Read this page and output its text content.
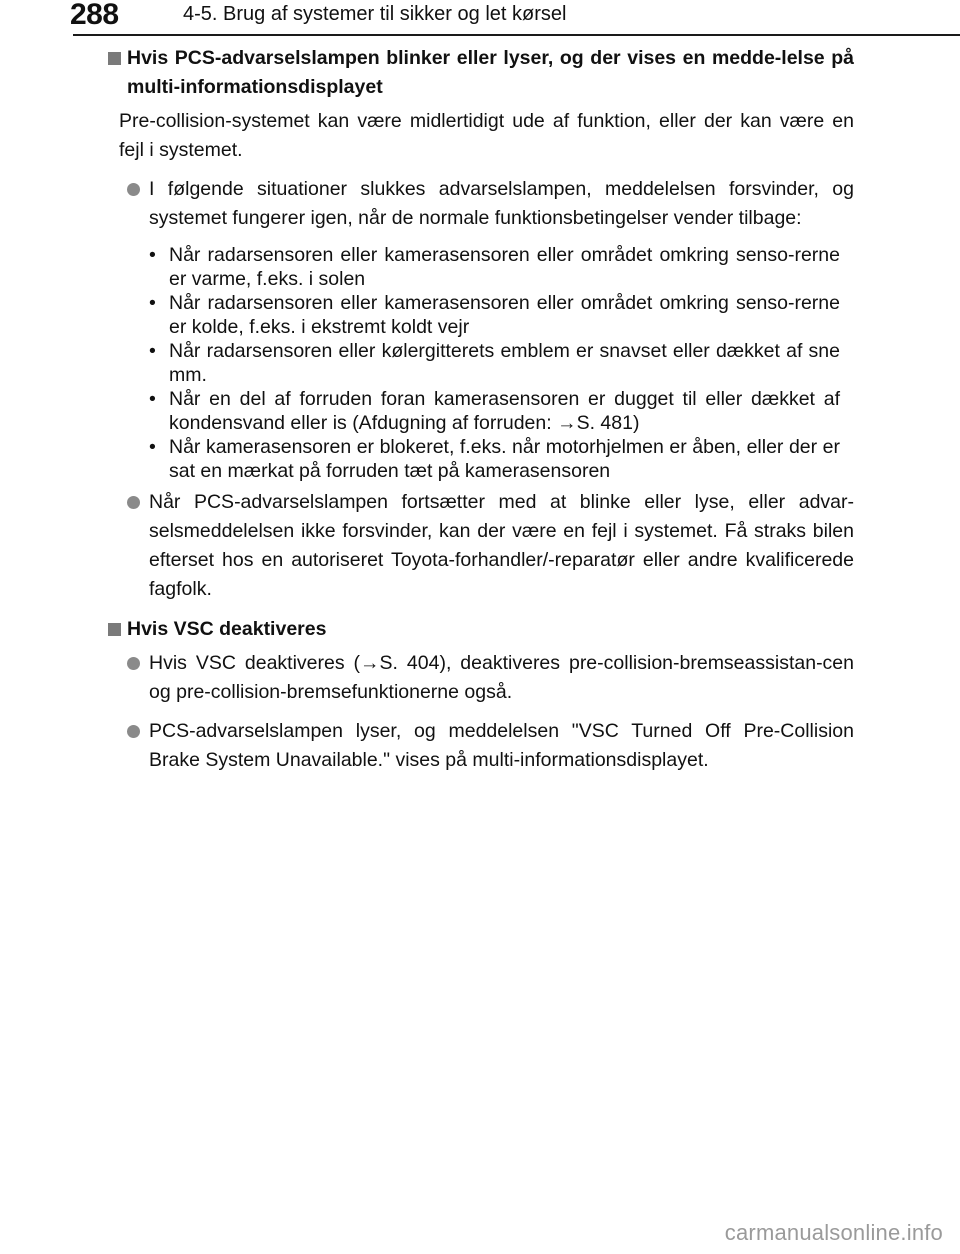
288	4-5. Brug af systemer til sikker og let kørsel
Hvis PCS-advarselslampen blinker eller lyser, og der vises en medde-lelse på multi-informationsdisplayet
Pre-collision-systemet kan være midlertidigt ude af funktion, eller der kan være en fejl i systemet.
I følgende situationer slukkes advarselslampen, meddelelsen forsvinder, og systemet fungerer igen, når de normale funktionsbetingelser vender tilbage:
• Når radarsensoren eller kamerasensoren eller området omkring senso-rerne er varme, f.eks. i solen
• Når radarsensoren eller kamerasensoren eller området omkring senso-rerne er kolde, f.eks. i ekstremt koldt vejr
• Når radarsensoren eller kølergitterets emblem er snavset eller dækket af sne mm.
• Når en del af forruden foran kamerasensoren er dugget til eller dækket af kondensvand eller is (Afdugning af forruden: →S. 481)
• Når kamerasensoren er blokeret, f.eks. når motorhjelmen er åben, eller der er sat en mærkat på forruden tæt på kamerasensoren
Når PCS-advarselslampen fortsætter med at blinke eller lyse, eller advar-selsmeddelelsen ikke forsvinder, kan der være en fejl i systemet. Få straks bilen efterset hos en autoriseret Toyota-forhandler/-reparatør eller andre kvalificerede fagfolk.
Hvis VSC deaktiveres
Hvis VSC deaktiveres (→S. 404), deaktiveres pre-collision-bremseassistan-cen og pre-collision-bremsefunktionerne også.
PCS-advarselslampen lyser, og meddelelsen "VSC Turned Off Pre-Collision Brake System Unavailable." vises på multi-informationsdisplayet.
carmanualsonline.info
